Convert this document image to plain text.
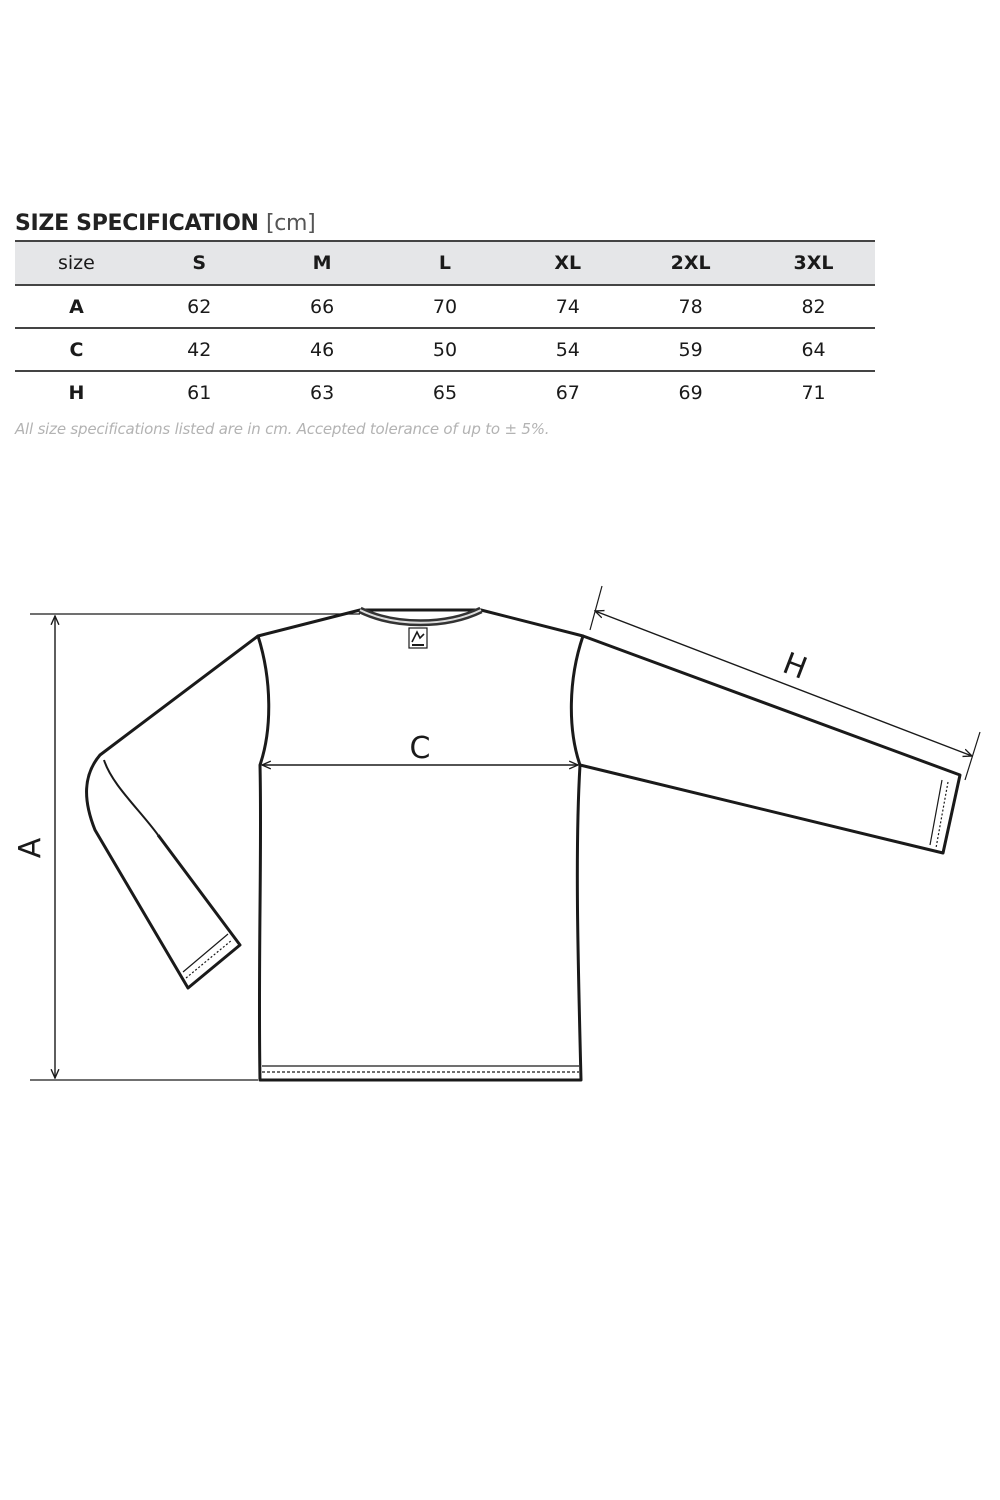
SIZE SPECIFICATION [cm]
size	S	M	L	XL	2XL	3XL
A	62	66	70	74	78	82
C	42	46	50	54	59	64
H	61	63	65	67	69	71
All size specifications listed are in cm. Accepted tolerance of up to ± 5%.
A
C
H
